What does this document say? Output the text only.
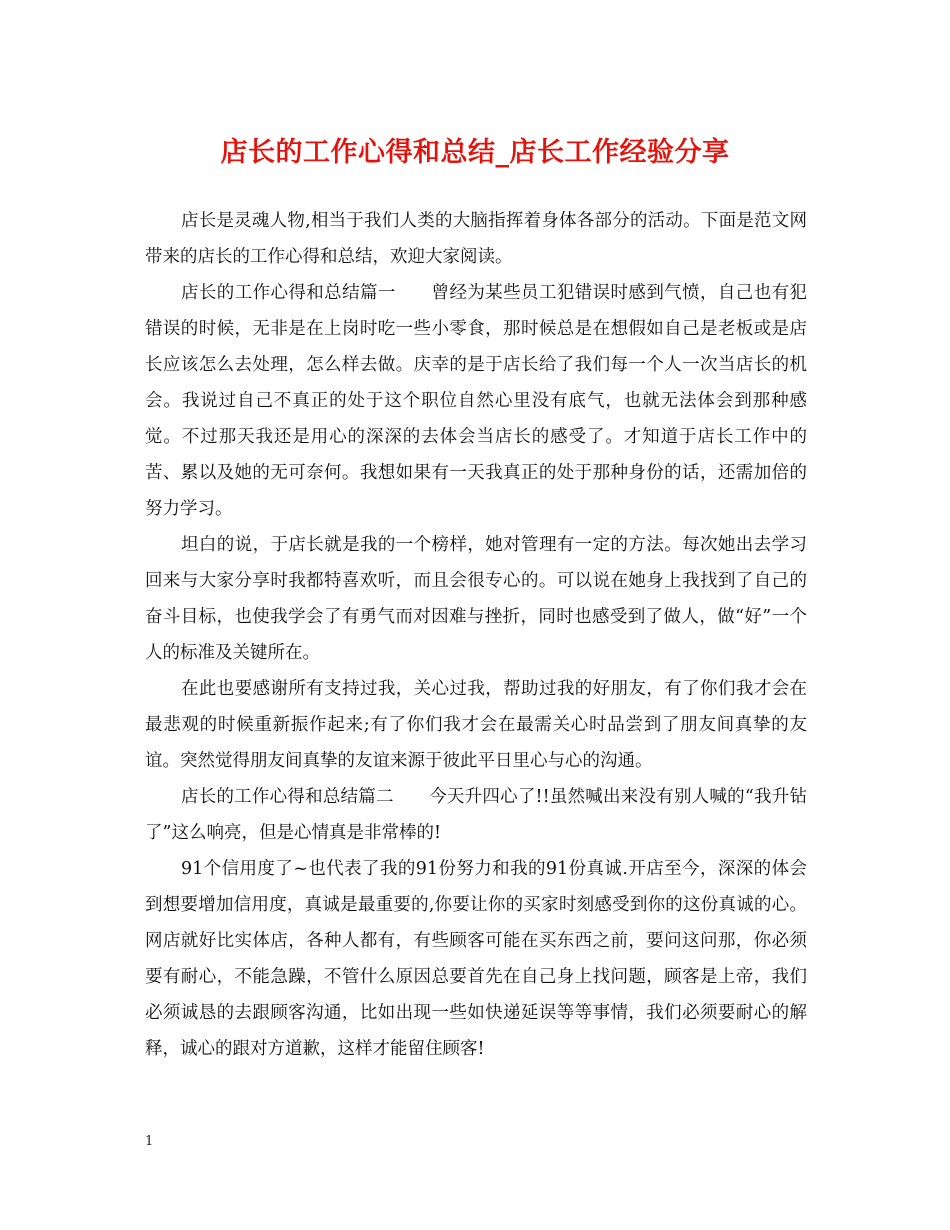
店长的工作心得和总结_店长工作经验分享

店长是灵魂人物,相当于我们人类的大脑指挥着身体各部分的活动。下面是范文网带来的店长的工作心得和总结，欢迎大家阅读。

店长的工作心得和总结篇一　　曾经为某些员工犯错误时感到气愤，自己也有犯错误的时候，无非是在上岗时吃一些小零食，那时候总是在想假如自己是老板或是店长应该怎么去处理，怎么样去做。庆幸的是于店长给了我们每一个人一次当店长的机会。我说过自己不真正的处于这个职位自然心里没有底气，也就无法体会到那种感觉。不过那天我还是用心的深深的去体会当店长的感受了。才知道于店长工作中的苦、累以及她的无可奈何。我想如果有一天我真正的处于那种身份的话，还需加倍的努力学习。

坦白的说，于店长就是我的一个榜样，她对管理有一定的方法。每次她出去学习回来与大家分享时我都特喜欢听，而且会很专心的。可以说在她身上我找到了自己的奋斗目标，也使我学会了有勇气而对因难与挫折，同时也感受到了做人，做“好”一个人的标准及关键所在。

在此也要感谢所有支持过我，关心过我，帮助过我的好朋友，有了你们我才会在最悲观的时候重新振作起来;有了你们我才会在最需关心时品尝到了朋友间真挚的友谊。突然觉得朋友间真挚的友谊来源于彼此平日里心与心的沟通。

店长的工作心得和总结篇二　　今天升四心了!!虽然喊出来没有别人喊的“我升钻了”这么响亮，但是心情真是非常棒的!

91个信用度了~也代表了我的91份努力和我的91份真诚.开店至今，深深的体会到想要增加信用度，真诚是最重要的,你要让你的买家时刻感受到你的这份真诚的心。网店就好比实体店，各种人都有，有些顾客可能在买东西之前，要问这问那，你必须要有耐心，不能急躁，不管什么原因总要首先在自己身上找问题，顾客是上帝，我们必须诚恳的去跟顾客沟通，比如出现一些如快递延误等等事情，我们必须要耐心的解释，诚心的跟对方道歉，这样才能留住顾客!

1
